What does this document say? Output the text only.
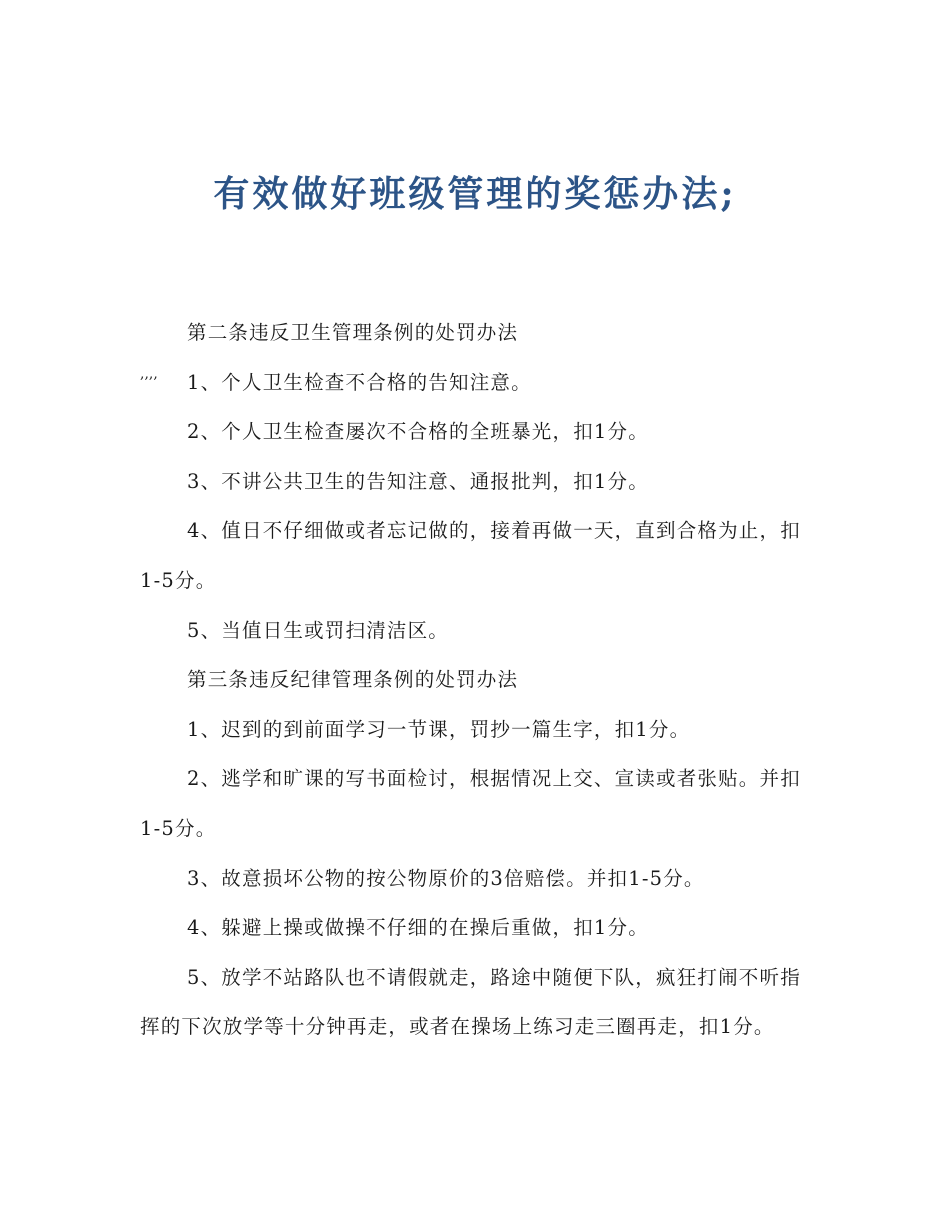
有效做好班级管理的奖惩办法;
,,,,

第二条违反卫生管理条例的处罚办法

1、个人卫生检查不合格的告知注意。

2、个人卫生检查屡次不合格的全班暴光，扣1分。

3、不讲公共卫生的告知注意、通报批判，扣1分。

4、值日不仔细做或者忘记做的，接着再做一天，直到合格为止，扣1-5分。

5、当值日生或罚扫清洁区。

第三条违反纪律管理条例的处罚办法

1、迟到的到前面学习一节课，罚抄一篇生字，扣1分。

2、逃学和旷课的写书面检讨，根据情况上交、宣读或者张贴。并扣1-5分。

3、故意损坏公物的按公物原价的3倍赔偿。并扣1-5分。

4、躲避上操或做操不仔细的在操后重做，扣1分。

5、放学不站路队也不请假就走，路途中随便下队，疯狂打闹不听指挥的下次放学等十分钟再走，或者在操场上练习走三圈再走，扣1分。
